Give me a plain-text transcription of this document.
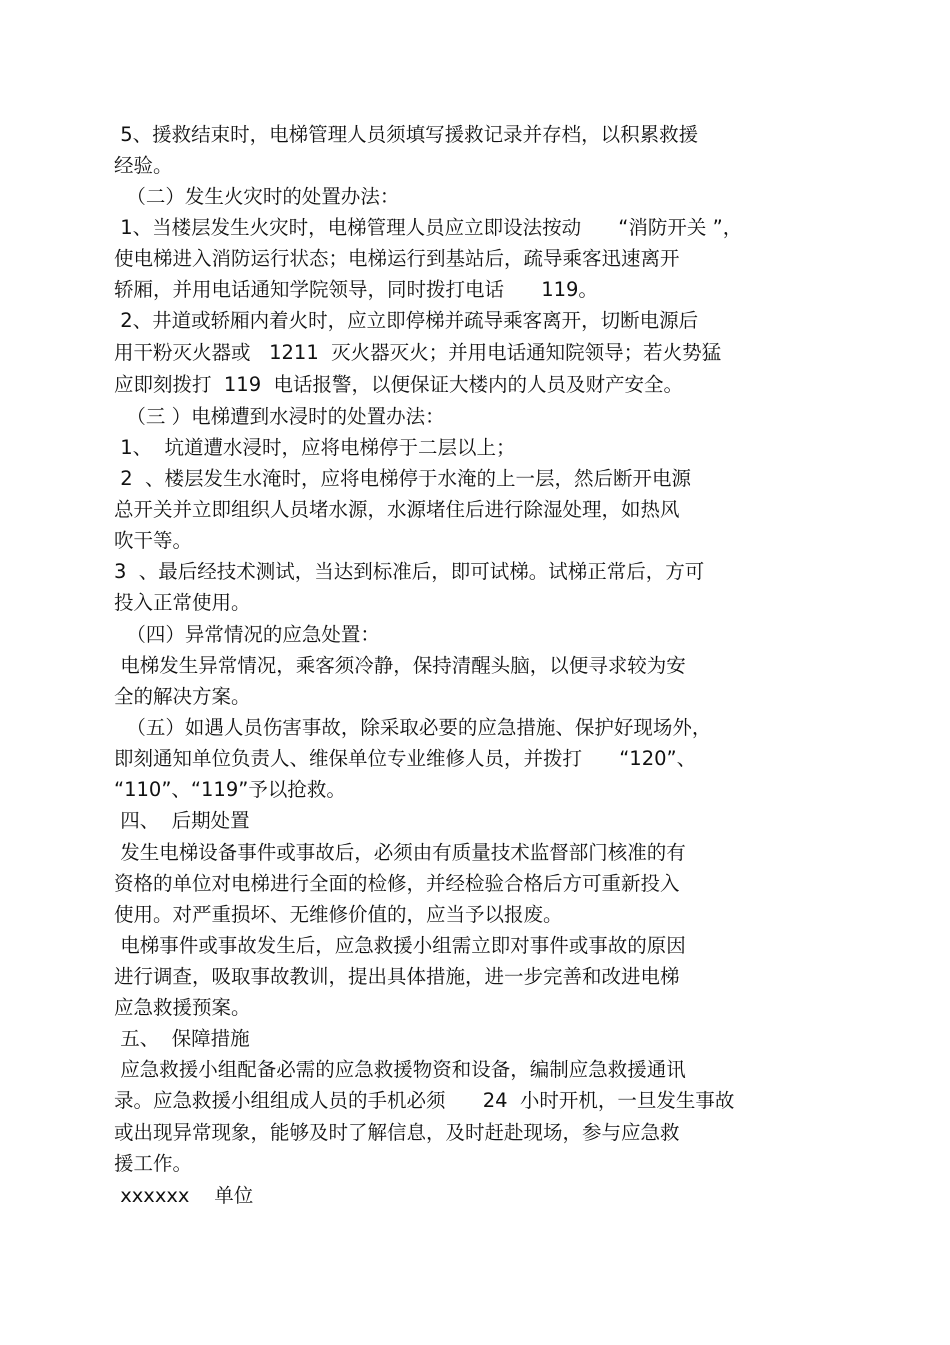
5、援救结束时，电梯管理人员须填写援救记录并存档，以积累救援
经验。
（二）发生火灾时的处置办法：
1、当楼层发生火灾时，电梯管理人员应立即设法按动      “消防开关 ”，
使电梯进入消防运行状态；电梯运行到基站后，疏导乘客迅速离开
轿厢，并用电话通知学院领导，同时拨打电话      119。
2、井道或轿厢内着火时，应立即停梯并疏导乘客离开，切断电源后
用干粉灭火器或   1211  灭火器灭火；并用电话通知院领导；若火势猛
应即刻拨打  119  电话报警，以便保证大楼内的人员及财产安全。
（三 ）电梯遭到水浸时的处置办法：
1、  坑道遭水浸时，应将电梯停于二层以上；
2  、楼层发生水淹时，应将电梯停于水淹的上一层，然后断开电源
总开关并立即组织人员堵水源，水源堵住后进行除湿处理，如热风
吹干等。
3  、最后经技术测试，当达到标准后，即可试梯。试梯正常后，方可
投入正常使用。
（四）异常情况的应急处置：
电梯发生异常情况，乘客须冷静，保持清醒头脑，以便寻求较为安
全的解决方案。
（五）如遇人员伤害事故，除采取必要的应急措施、保护好现场外，
即刻通知单位负责人、维保单位专业维修人员，并拨打      “120”、
“110”、“119”予以抢救。
四、  后期处置
发生电梯设备事件或事故后，必须由有质量技术监督部门核准的有
资格的单位对电梯进行全面的检修，并经检验合格后方可重新投入
使用。对严重损坏、无维修价值的，应当予以报废。
电梯事件或事故发生后，应急救援小组需立即对事件或事故的原因
进行调查，吸取事故教训，提出具体措施，进一步完善和改进电梯
应急救援预案。
五、  保障措施
应急救援小组配备必需的应急救援物资和设备，编制应急救援通讯
录。应急救援小组组成人员的手机必须      24  小时开机，一旦发生事故
或出现异常现象，能够及时了解信息，及时赶赴现场，参与应急救
援工作。
xxxxxx    单位
